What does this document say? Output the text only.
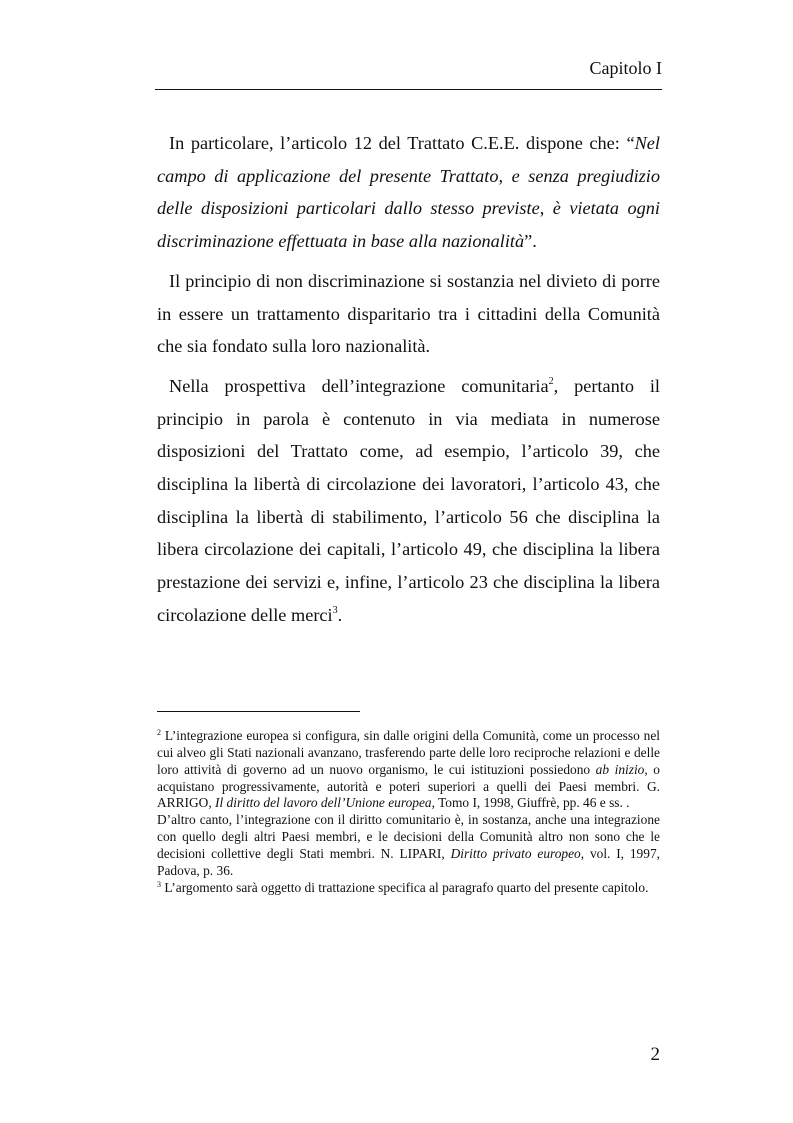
Capitolo I

In particolare, l’articolo 12 del Trattato C.E.E. dispone che: “Nel campo di applicazione del presente Trattato, e senza pregiudizio delle disposizioni particolari dallo stesso previste, è vietata ogni discriminazione effettuata in base alla nazionalità”.

Il principio di non discriminazione si sostanzia nel divieto di porre in essere un trattamento disparitario tra i cittadini della Comunità che sia fondato sulla loro nazionalità.

Nella prospettiva dell’integrazione comunitaria$^2$, pertanto il principio in parola è contenuto in via mediata in numerose disposizioni del Trattato come, ad esempio, l’articolo 39, che disciplina la libertà di circolazione dei lavoratori, l’articolo 43, che disciplina la libertà di stabilimento, l’articolo 56 che disciplina la libera circolazione dei capitali, l’articolo 49, che disciplina la libera prestazione dei servizi e, infine, l’articolo 23 che disciplina la libera circolazione delle merci$^3$.

$^2$ L’integrazione europea si configura, sin dalle origini della Comunità, come un processo nel cui alveo gli Stati nazionali avanzano, trasferendo parte delle loro reciproche relazioni e delle loro attività di governo ad un nuovo organismo, le cui istituzioni possiedono ab inizio, o acquistano progressivamente, autorità e poteri superiori a quelli dei Paesi membri. G. ARRIGO, Il diritto del lavoro dell’Unione europea, Tomo I, 1998, Giuffrè, pp. 46 e ss. .

D’altro canto, l’integrazione con il diritto comunitario è, in sostanza, anche una integrazione con quello degli altri Paesi membri, e le decisioni della Comunità altro non sono che le decisioni collettive degli Stati membri. N. LIPARI, Diritto privato europeo, vol. I, 1997, Padova, p. 36.

$^3$ L’argomento sarà oggetto di trattazione specifica al paragrafo quarto del presente capitolo.

2
